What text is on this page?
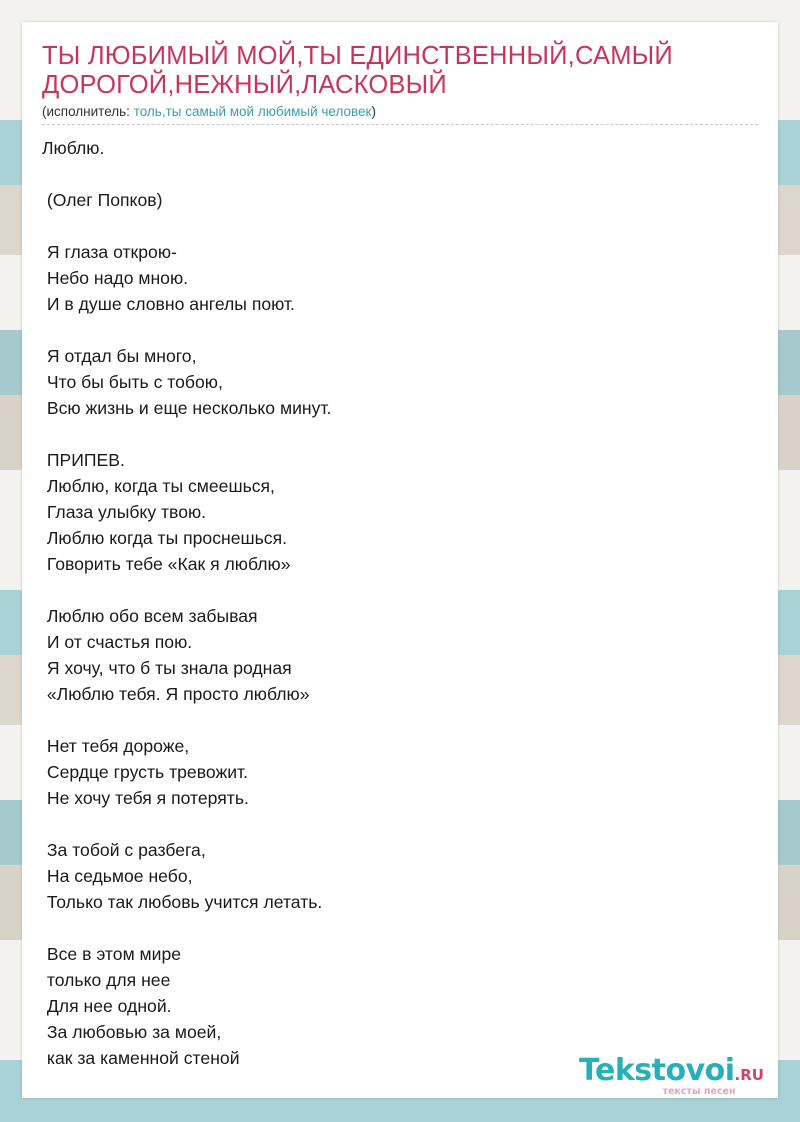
ТЫ ЛЮБИМЫЙ МОЙ,ТЫ ЕДИНСТВЕННЫЙ,САМЫЙ
ДОРОГОЙ,НЕЖНЫЙ,ЛАСКОВЫЙ
(исполнитель: толь,ты самый мой любимый человек)
Люблю.
(Олег Попков)
Я глаза открою-
Небо надо мною.
И в душе словно ангелы поют.
Я отдал бы много,
Что бы быть с тобою,
Всю жизнь и еще несколько минут.
ПРИПЕВ.
Люблю, когда ты смеешься,
Глаза улыбку твою.
Люблю когда ты проснешься.
Говорить тебе «Как я люблю»
Люблю обо всем забывая
И от счастья пою.
Я хочу, что б ты знала родная
«Люблю тебя. Я просто люблю»
Нет тебя дороже,
Сердце грусть тревожит.
Не хочу тебя я потерять.
За тобой с разбега,
На седьмое небо,
Только так любовь учится летать.
Все в этом мире
только для нее
Для нее одной.
За любовью за моей,
как за каменной стеной	Tekstovoi.RU
тексты песен
